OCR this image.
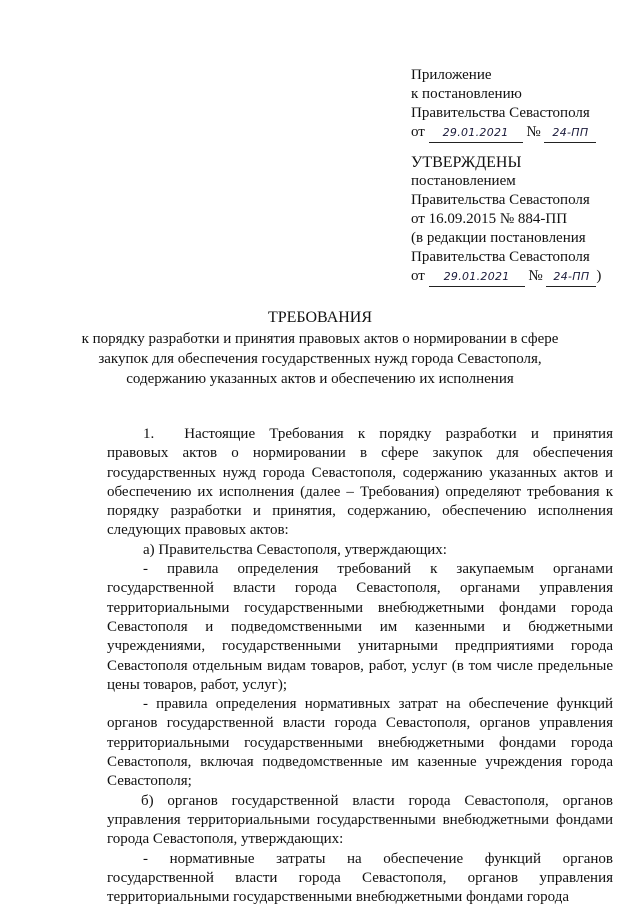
Приложение
к постановлению
Правительства Севастополя
от 29.01.2021 № 24-ПП
УТВЕРЖДЕНЫ
постановлением
Правительства Севастополя
от 16.09.2015 № 884-ПП
(в редакции постановления
Правительства Севастополя
от 29.01.2021 № 24-ПП )
ТРЕБОВАНИЯ
к порядку разработки и принятия правовых актов о нормировании в сфере
закупок для обеспечения государственных нужд города Севастополя,
содержанию указанных актов и обеспечению их исполнения

1.  Настоящие Требования к порядку разработки и принятия правовых актов о нормировании в сфере закупок для обеспечения государственных нужд города Севастополя, содержанию указанных актов и обеспечению их исполнения (далее – Требования) определяют требования к порядку разработки и принятия, содержанию, обеспечению исполнения следующих правовых актов:

а) Правительства Севастополя, утверждающих:

- правила определения требований к закупаемым органами государственной власти города Севастополя, органами управления территориальными государственными внебюджетными фондами города Севастополя и подведомственными им казенными и бюджетными учреждениями, государственными унитарными предприятиями города Севастополя отдельным видам товаров, работ, услуг (в том числе предельные цены товаров, работ, услуг);

- правила определения нормативных затрат на обеспечение функций органов государственной власти города Севастополя, органов управления территориальными государственными внебюджетными фондами города Севастополя, включая подведомственные им казенные учреждения города Севастополя;

б) органов государственной власти города Севастополя, органов управления территориальными государственными внебюджетными фондами города Севастополя, утверждающих:

- нормативные затраты на обеспечение функций органов государственной власти города Севастополя, органов управления территориальными государственными внебюджетными фондами города
